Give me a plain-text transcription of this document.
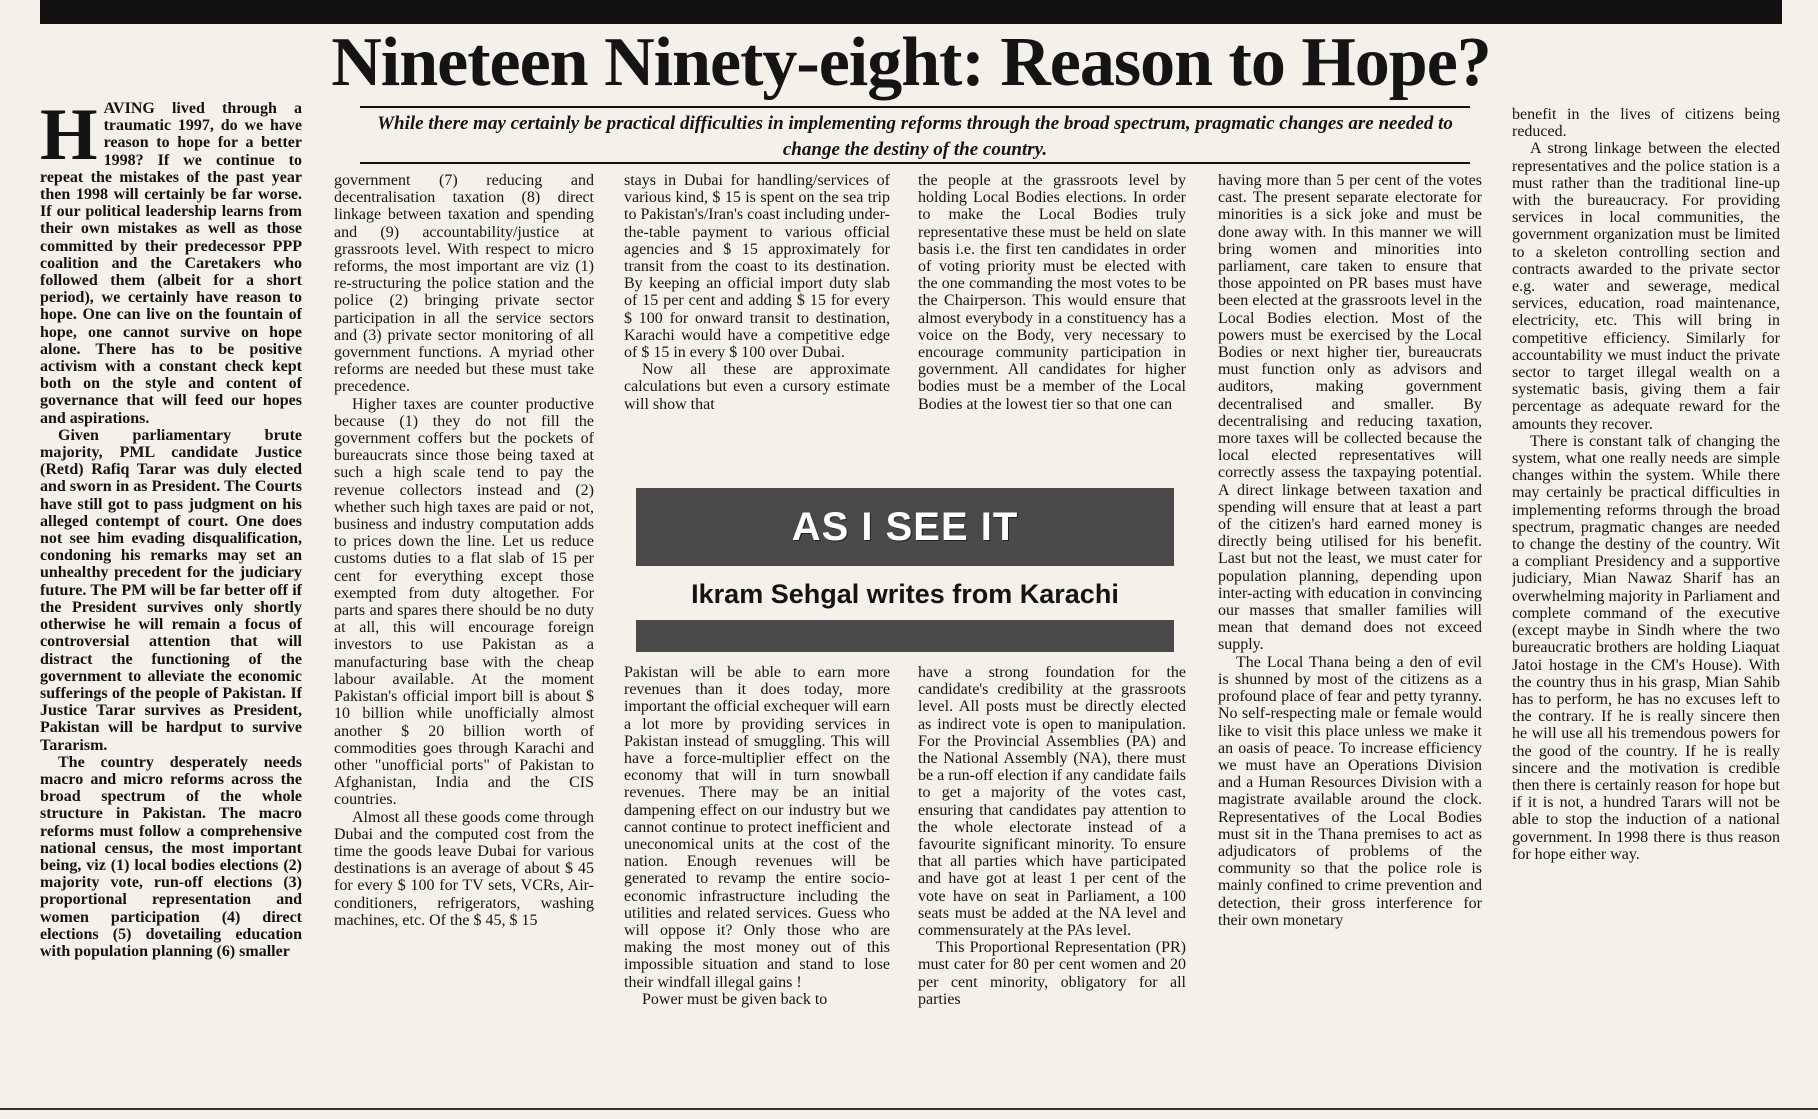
Nineteen Ninety-eight: Reason to Hope?
While there may certainly be practical difficulties in implementing reforms through the broad spectrum, pragmatic changes are needed to change the destiny of the country.

HAVING lived through a traumatic 1997, do we have reason to hope for a better 1998? If we continue to repeat the mistakes of the past year then 1998 will certainly be far worse. If our political leadership learns from their own mistakes as well as those committed by their predecessor PPP coalition and the Caretakers who followed them (albeit for a short period), we certainly have reason to hope. One can live on the fountain of hope, one cannot survive on hope alone. There has to be positive activism with a constant check kept both on the style and content of governance that will feed our hopes and aspirations.

Given parliamentary brute majority, PML candidate Justice (Retd) Rafiq Tarar was duly elected and sworn in as President. The Courts have still got to pass judgment on his alleged contempt of court. One does not see him evading disqualification, condoning his remarks may set an unhealthy precedent for the judiciary future. The PM will be far better off if the President survives only shortly otherwise he will remain a focus of controversial attention that will distract the functioning of the government to alleviate the economic sufferings of the people of Pakistan. If Justice Tarar survives as President, Pakistan will be hardput to survive Tararism.

The country desperately needs macro and micro reforms across the broad spectrum of the whole structure in Pakistan. The macro reforms must follow a comprehensive national census, the most important being, viz (1) local bodies elections (2) majority vote, run-off elections (3) proportional representation and women participation (4) direct elections (5) dovetailing education with population planning (6) smaller

government (7) reducing and decentralisation taxation (8) direct linkage between taxation and spending and (9) accountability/justice at grassroots level. With respect to micro reforms, the most important are viz (1) re-structuring the police station and the police (2) bringing private sector participation in all the service sectors and (3) private sector monitoring of all government functions. A myriad other reforms are needed but these must take precedence.

Higher taxes are counter productive because (1) they do not fill the government coffers but the pockets of bureaucrats since those being taxed at such a high scale tend to pay the revenue collectors instead and (2) whether such high taxes are paid or not, business and industry computation adds to prices down the line. Let us reduce customs duties to a flat slab of 15 per cent for everything except those exempted from duty altogether. For parts and spares there should be no duty at all, this will encourage foreign investors to use Pakistan as a manufacturing base with the cheap labour available. At the moment Pakistan's official import bill is about $ 10 billion while unofficially almost another $ 20 billion worth of commodities goes through Karachi and other "unofficial ports" of Pakistan to Afghanistan, India and the CIS countries.

Almost all these goods come through Dubai and the computed cost from the time the goods leave Dubai for various destinations is an average of about $ 45 for every $ 100 for TV sets, VCRs, Air-conditioners, refrigerators, washing machines, etc. Of the $ 45, $ 15

stays in Dubai for handling/services of various kind, $ 15 is spent on the sea trip to Pakistan's/Iran's coast including under-the-table payment to various official agencies and $ 15 approximately for transit from the coast to its destination. By keeping an official import duty slab of 15 per cent and adding $ 15 for every $ 100 for onward transit to destination, Karachi would have a competitive edge of $ 15 in every $ 100 over Dubai.

Now all these are approximate calculations but even a cursory estimate will show that

the people at the grassroots level by holding Local Bodies elections. In order to make the Local Bodies truly representative these must be held on slate basis i.e. the first ten candidates in order of voting priority must be elected with the one commanding the most votes to be the Chairperson. This would ensure that almost everybody in a constituency has a voice on the Body, very necessary to encourage community participation in government. All candidates for higher bodies must be a member of the Local Bodies at the lowest tier so that one can

AS I SEE IT
Ikram Sehgal writes from Karachi

Pakistan will be able to earn more revenues than it does today, more important the official exchequer will earn a lot more by providing services in Pakistan instead of smuggling. This will have a force-multiplier effect on the economy that will in turn snowball revenues. There may be an initial dampening effect on our industry but we cannot continue to protect inefficient and uneconomical units at the cost of the nation. Enough revenues will be generated to revamp the entire socio-economic infrastructure including the utilities and related services. Guess who will oppose it? Only those who are making the most money out of this impossible situation and stand to lose their windfall illegal gains !

Power must be given back to

have a strong foundation for the candidate's credibility at the grassroots level. All posts must be directly elected as indirect vote is open to manipulation. For the Provincial Assemblies (PA) and the National Assembly (NA), there must be a run-off election if any candidate fails to get a majority of the votes cast, ensuring that candidates pay attention to the whole electorate instead of a favourite significant minority. To ensure that all parties which have participated and have got at least 1 per cent of the vote have on seat in Parliament, a 100 seats must be added at the NA level and commensurately at the PAs level.

This Proportional Representation (PR) must cater for 80 per cent women and 20 per cent minority, obligatory for all parties

having more than 5 per cent of the votes cast. The present separate electorate for minorities is a sick joke and must be done away with. In this manner we will bring women and minorities into parliament, care taken to ensure that those appointed on PR bases must have been elected at the grassroots level in the Local Bodies election. Most of the powers must be exercised by the Local Bodies or next higher tier, bureaucrats must function only as advisors and auditors, making government decentralised and smaller. By decentralising and reducing taxation, more taxes will be collected because the local elected representatives will correctly assess the taxpaying potential. A direct linkage between taxation and spending will ensure that at least a part of the citizen's hard earned money is directly being utilised for his benefit. Last but not the least, we must cater for population planning, depending upon inter-acting with education in convincing our masses that smaller families will mean that demand does not exceed supply.

The Local Thana being a den of evil is shunned by most of the citizens as a profound place of fear and petty tyranny. No self-respecting male or female would like to visit this place unless we make it an oasis of peace. To increase efficiency we must have an Operations Division and a Human Resources Division with a magistrate available around the clock. Representatives of the Local Bodies must sit in the Thana premises to act as adjudicators of problems of the community so that the police role is mainly confined to crime prevention and detection, their gross interference for their own monetary

benefit in the lives of citizens being reduced.

A strong linkage between the elected representatives and the police station is a must rather than the traditional line-up with the bureaucracy. For providing services in local communities, the government organization must be limited to a skeleton controlling section and contracts awarded to the private sector e.g. water and sewerage, medical services, education, road maintenance, electricity, etc. This will bring in competitive efficiency. Similarly for accountability we must induct the private sector to target illegal wealth on a systematic basis, giving them a fair percentage as adequate reward for the amounts they recover.

There is constant talk of changing the system, what one really needs are simple changes within the system. While there may certainly be practical difficulties in implementing reforms through the broad spectrum, pragmatic changes are needed to change the destiny of the country. Wit a compliant Presidency and a supportive judiciary, Mian Nawaz Sharif has an overwhelming majority in Parliament and complete command of the executive (except maybe in Sindh where the two bureaucratic brothers are holding Liaquat Jatoi hostage in the CM's House). With the country thus in his grasp, Mian Sahib has to perform, he has no excuses left to the contrary. If he is really sincere then he will use all his tremendous powers for the good of the country. If he is really sincere and the motivation is credible then there is certainly reason for hope but if it is not, a hundred Tarars will not be able to stop the induction of a national government. In 1998 there is thus reason for hope either way.
